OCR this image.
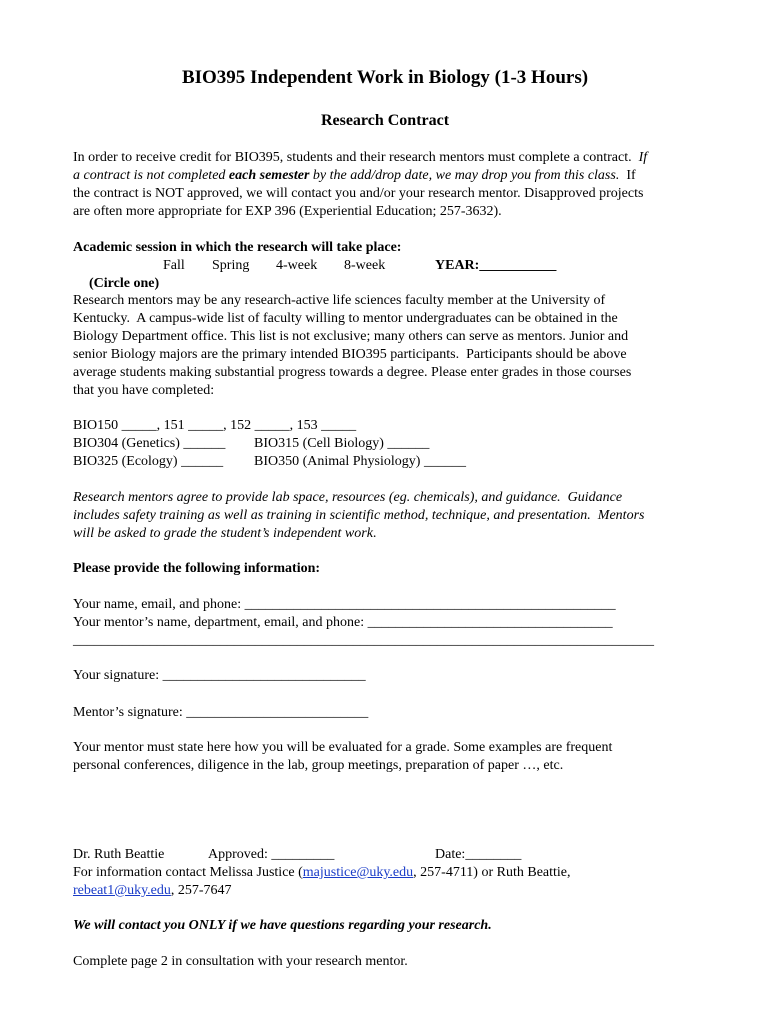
BIO395 Independent Work in Biology (1-3 Hours)
Research Contract
In order to receive credit for BIO395, students and their research mentors must complete a contract.  If
a contract is not completed each semester by the add/drop date, we may drop you from this class.  If
the contract is NOT approved, we will contact you and/or your research mentor. Disapproved projects
are often more appropriate for EXP 396 (Experiential Education; 257-3632).
Academic session in which the research will take place:

(Circle one)

Fall Spring 4-week 8-week	YEAR:___________
Research mentors may be any research-active life sciences faculty member at the University of
Kentucky.  A campus-wide list of faculty willing to mentor undergraduates can be obtained in the
Biology Department office. This list is not exclusive; many others can serve as mentors. Junior and
senior Biology majors are the primary intended BIO395 participants.  Participants should be above
average students making substantial progress towards a degree. Please enter grades in those courses
that you have completed:
BIO150 _____, 151 _____, 152 _____, 153 _____
BIO304 (Genetics) ______ BIO315 (Cell Biology) ______
BIO325 (Ecology) ______ BIO350 (Animal Physiology) ______
Research mentors agree to provide lab space, resources (eg. chemicals), and guidance.  Guidance
includes safety training as well as training in scientific method, technique, and presentation.  Mentors
will be asked to grade the student’s independent work.
Please provide the following information:
Your name, email, and phone: _____________________________________________________
Your mentor’s name, department, email, and phone: ___________________________________
___________________________________________________________________________________
Your signature: _____________________________
Mentor’s signature: __________________________
Your mentor must state here how you will be evaluated for a grade. Some examples are frequent
personal conferences, diligence in the lab, group meetings, preparation of paper …, etc.
Dr. Ruth Beattie	Approved: _________	Date:________
For information contact Melissa Justice (majustice@uky.edu, 257-4711) or Ruth Beattie,
rebeat1@uky.edu, 257-7647
We will contact you ONLY if we have questions regarding your research.
Complete page 2 in consultation with your research mentor.
